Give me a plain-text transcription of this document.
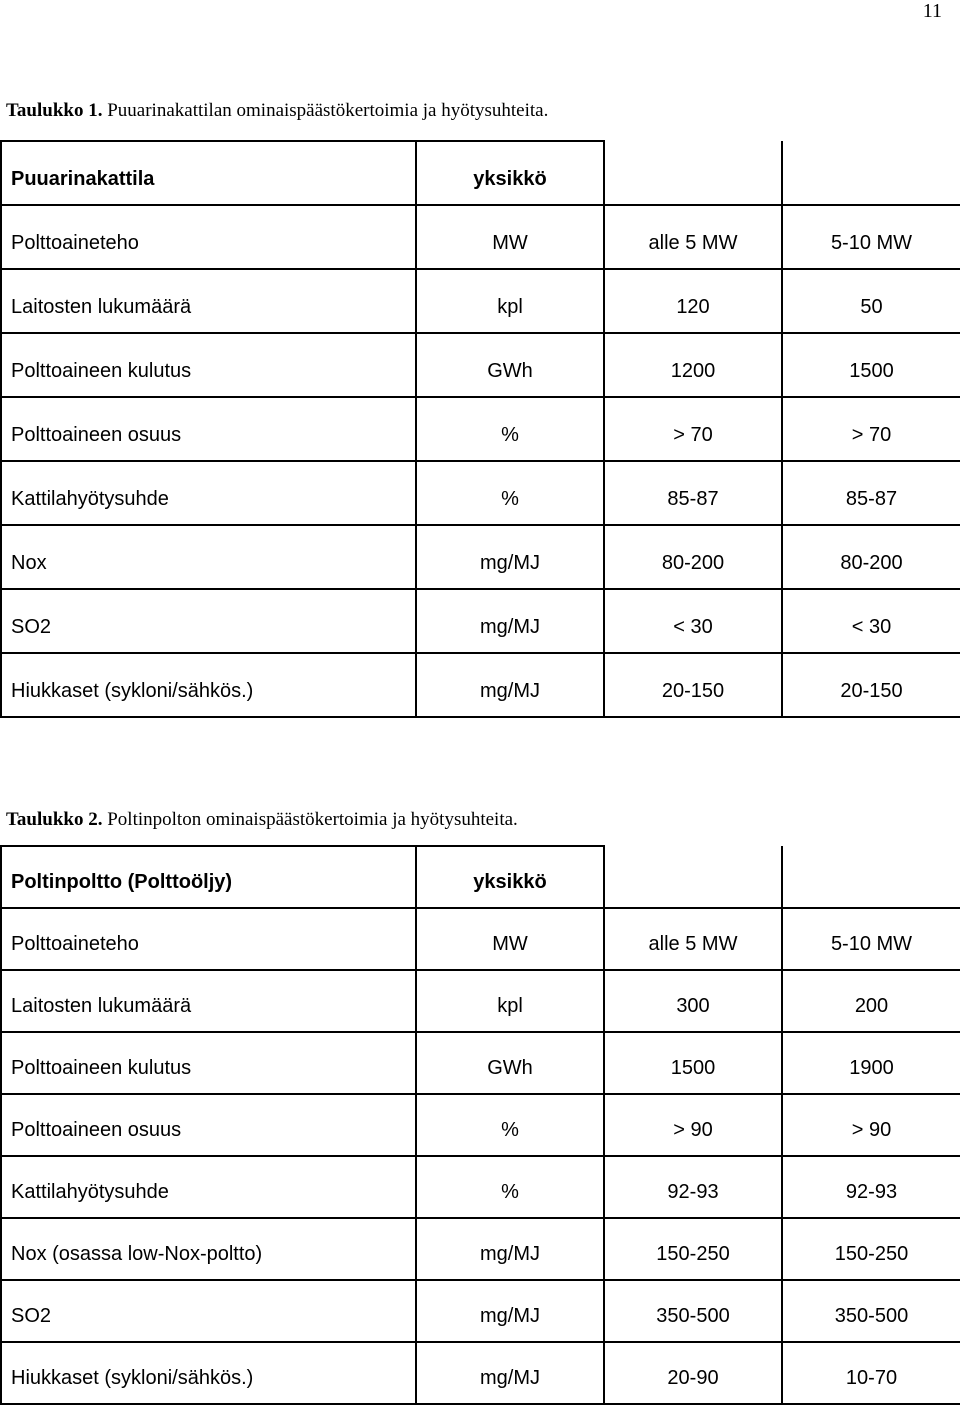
11
Taulukko 1. Puuarinakattilan ominaispäästökertoimia ja hyötysuhteita.
Puuarinakattila	yksikkö		
Polttoaineteho	MW	alle 5 MW	5-10 MW
Laitosten lukumäärä	kpl	120	50
Polttoaineen kulutus	GWh	1200	1500
Polttoaineen osuus	%	> 70	> 70
Kattilahyötysuhde	%	85-87	85-87
Nox	mg/MJ	80-200	80-200
SO2	mg/MJ	< 30	< 30
Hiukkaset (sykloni/sähkös.)	mg/MJ	20-150	20-150
Taulukko 2. Poltinpolton ominaispäästökertoimia ja hyötysuhteita.
Poltinpoltto (Polttoöljy)	yksikkö		
Polttoaineteho	MW	alle 5 MW	5-10 MW
Laitosten lukumäärä	kpl	300	200
Polttoaineen kulutus	GWh	1500	1900
Polttoaineen osuus	%	> 90	> 90
Kattilahyötysuhde	%	92-93	92-93
Nox (osassa low-Nox-poltto)	mg/MJ	150-250	150-250
SO2	mg/MJ	350-500	350-500
Hiukkaset (sykloni/sähkös.)	mg/MJ	20-90	10-70
